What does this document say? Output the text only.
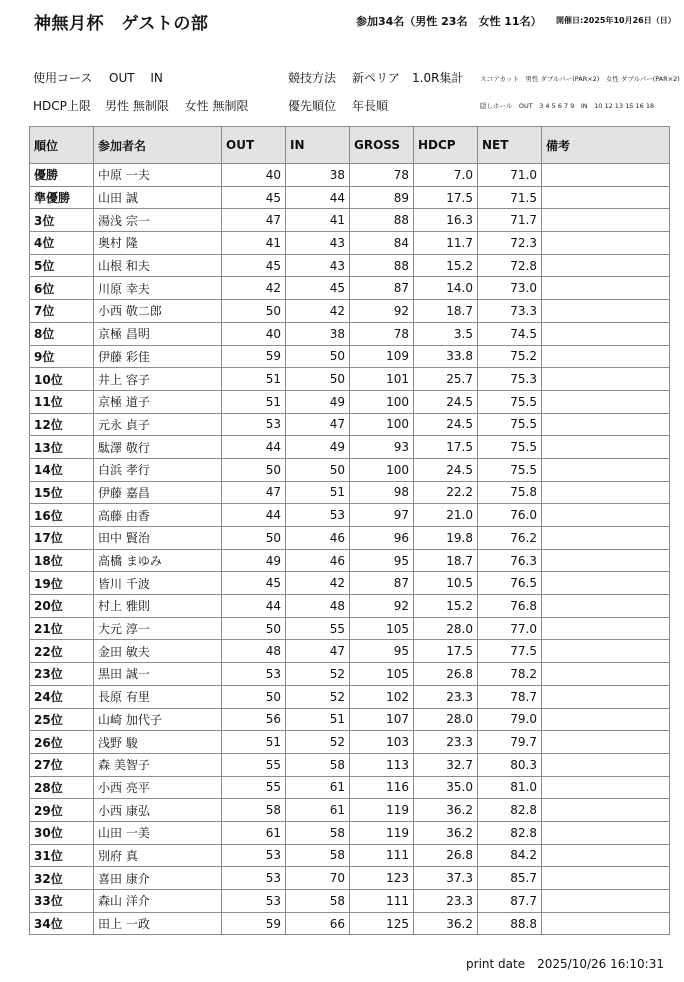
神無月杯　ゲストの部	参加34名（男性 23名　女性 11名） 開催日:2025年10月26日（日）
使用コース OUT　 IN	競技方法 新ペリア　1.0R集計	スコアカット　男性 ダブルパー(PAR×2)　女性 ダブルパー(PAR×2)
HDCP上限 男性 無制限　 女性 無制限	優先順位 年長順	隠しホール　OUT　3 4 5 6 7 9　IN　10 12 13 15 16 18
順位	参加者名	OUT	IN	GROSS	HDCP	NET	備考
優勝	中原 一夫	40	38	78	7.0	71.0	
準優勝	山田 誠	45	44	89	17.5	71.5	
3位	湯浅 宗一	47	41	88	16.3	71.7	
4位	奥村 隆	41	43	84	11.7	72.3	
5位	山根 和夫	45	43	88	15.2	72.8	
6位	川原 幸夫	42	45	87	14.0	73.0	
7位	小西 敬二郎	50	42	92	18.7	73.3	
8位	京極 昌明	40	38	78	3.5	74.5	
9位	伊藤 彩佳	59	50	109	33.8	75.2	
10位	井上 容子	51	50	101	25.7	75.3	
11位	京極 道子	51	49	100	24.5	75.5	
12位	元永 貞子	53	47	100	24.5	75.5	
13位	駄澤 敬行	44	49	93	17.5	75.5	
14位	白浜 孝行	50	50	100	24.5	75.5	
15位	伊藤 嘉昌	47	51	98	22.2	75.8	
16位	高藤 由香	44	53	97	21.0	76.0	
17位	田中 賢治	50	46	96	19.8	76.2	
18位	高橋 まゆみ	49	46	95	18.7	76.3	
19位	皆川 千波	45	42	87	10.5	76.5	
20位	村上 雅則	44	48	92	15.2	76.8	
21位	大元 淳一	50	55	105	28.0	77.0	
22位	金田 敏夫	48	47	95	17.5	77.5	
23位	黒田 誠一	53	52	105	26.8	78.2	
24位	長原 有里	50	52	102	23.3	78.7	
25位	山崎 加代子	56	51	107	28.0	79.0	
26位	浅野 駿	51	52	103	23.3	79.7	
27位	森 美智子	55	58	113	32.7	80.3	
28位	小西 亮平	55	61	116	35.0	81.0	
29位	小西 康弘	58	61	119	36.2	82.8	
30位	山田 一美	61	58	119	36.2	82.8	
31位	別府 真	53	58	111	26.8	84.2	
32位	喜田 康介	53	70	123	37.3	85.7	
33位	森山 洋介	53	58	111	23.3	87.7	
34位	田上 一政	59	66	125	36.2	88.8	
print date　2025/10/26 16:10:31
